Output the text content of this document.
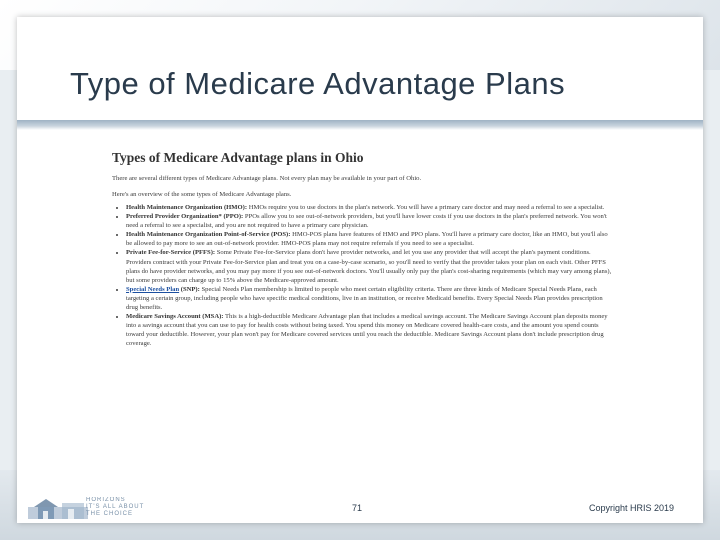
Type of Medicare Advantage Plans
Types of Medicare Advantage plans in Ohio

There are several different types of Medicare Advantage plans. Not every plan may be available in your part of Ohio.

Here's an overview of the some types of Medicare Advantage plans.

• Health Maintenance Organization (HMO): HMOs require you to use doctors in the plan's network. You will have a primary care doctor and may need a referral to see a specialist.
• Preferred Provider Organization* (PPO): PPOs allow you to see out-of-network providers, but you'll have lower costs if you use doctors in the plan's preferred network. You won't need a referral to see a specialist, and you are not required to have a primary care physician.
• Health Maintenance Organization Point-of-Service (POS): HMO-POS plans have features of HMO and PPO plans. You'll have a primary care doctor, like an HMO, but you'll also be allowed to pay more to see an out-of-network provider. HMO-POS plans may not require referrals if you need to see a specialist.
• Private Fee-for-Service (PFFS): Some Private Fee-for-Service plans don't have provider networks, and let you use any provider that will accept the plan's payment conditions. Providers contract with your Private Fee-for-Service plan and treat you on a case-by-case scenario, so you'll need to verify that the provider takes your plan on each visit. Other PFFS plans do have provider networks, and you may pay more if you see out-of-network doctors. You'll usually only pay the plan's cost-sharing requirements (which may vary among plans), but some providers can charge up to 15% above the Medicare-approved amount.
• Special Needs Plan (SNP): Special Needs Plan membership is limited to people who meet certain eligibility criteria. There are three kinds of Medicare Special Needs Plans, each targeting a certain group, including people who have specific medical conditions, live in an institution, or receive Medicaid benefits. Every Special Needs Plan provides prescription drug benefits.
• Medicare Savings Account (MSA): This is a high-deductible Medicare Advantage plan that includes a medical savings account. The Medicare Savings Account plan deposits money into a savings account that you can use to pay for health costs without being taxed. You spend this money on Medicare covered health-care costs, and the amount you spend counts toward your deductible. However, your plan won't pay for Medicare covered services until you reach the deductible. Medicare Savings Account plans don't include prescription drug coverage.
HORIZONS
IT'S ALL ABOUT
THE CHOICE
71	Copyright HRIS 2019
